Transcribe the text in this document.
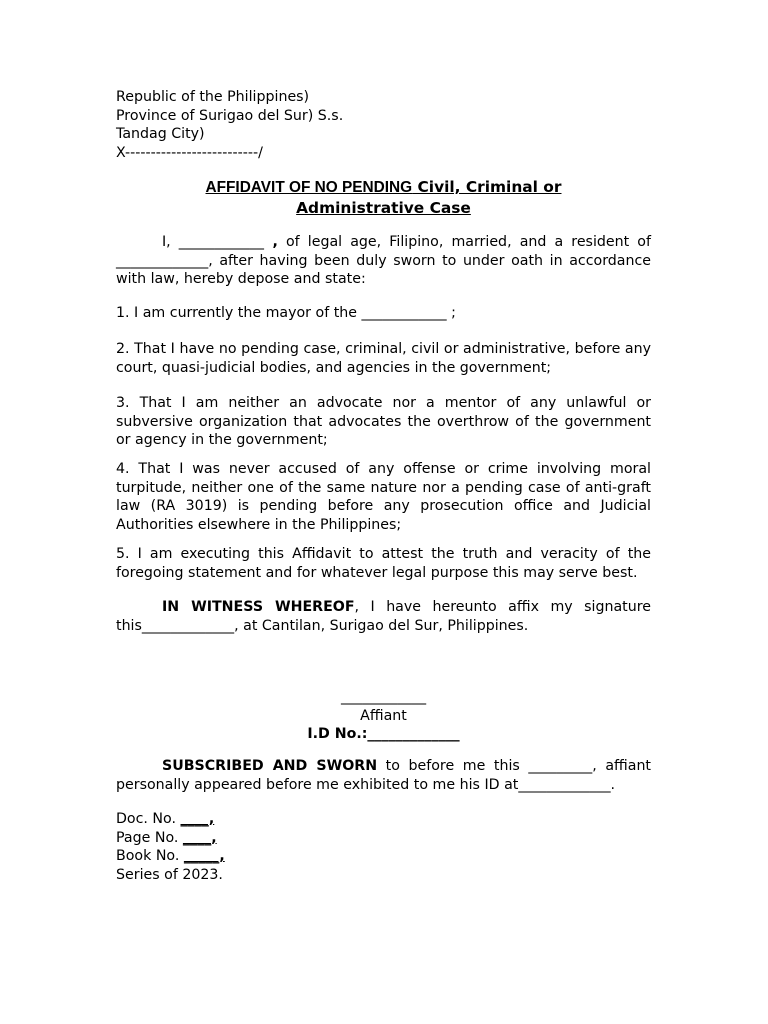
Republic of the Philippines)
Province of Surigao del Sur) S.s.
Tandag City)
X--------------------------/
AFFIDAVIT OF NO PENDING Civil, Criminal or
Administrative Case
I, ____________ , of legal age, Filipino, married, and a resident of _____________, after having been duly sworn to under oath in accordance with law, hereby depose and state:
1. I am currently the mayor of the ____________ ;
2. That I have no pending case, criminal, civil or administrative, before any court, quasi-judicial bodies, and agencies in the government;
3. That I am neither an advocate nor a mentor of any unlawful or subversive organization that advocates the overthrow of the government or agency in the government;
4. That I was never accused of any offense or crime involving moral turpitude, neither one of the same nature nor a pending case of anti-graft law (RA 3019) is pending before any prosecution office and Judicial Authorities elsewhere in the Philippines;
5. I am executing this Affidavit to attest the truth and veracity of the foregoing statement and for whatever legal purpose this may serve best.
IN WITNESS WHEREOF, I have hereunto affix my signature this_____________, at Cantilan, Surigao del Sur, Philippines.
____________
Affiant
I.D No.:_____________
SUBSCRIBED AND SWORN to before me this _________, affiant personally appeared before me exhibited to me his ID at_____________.
Doc. No. ____,
Page No. ____,
Book No. _____,
Series of 2023.
